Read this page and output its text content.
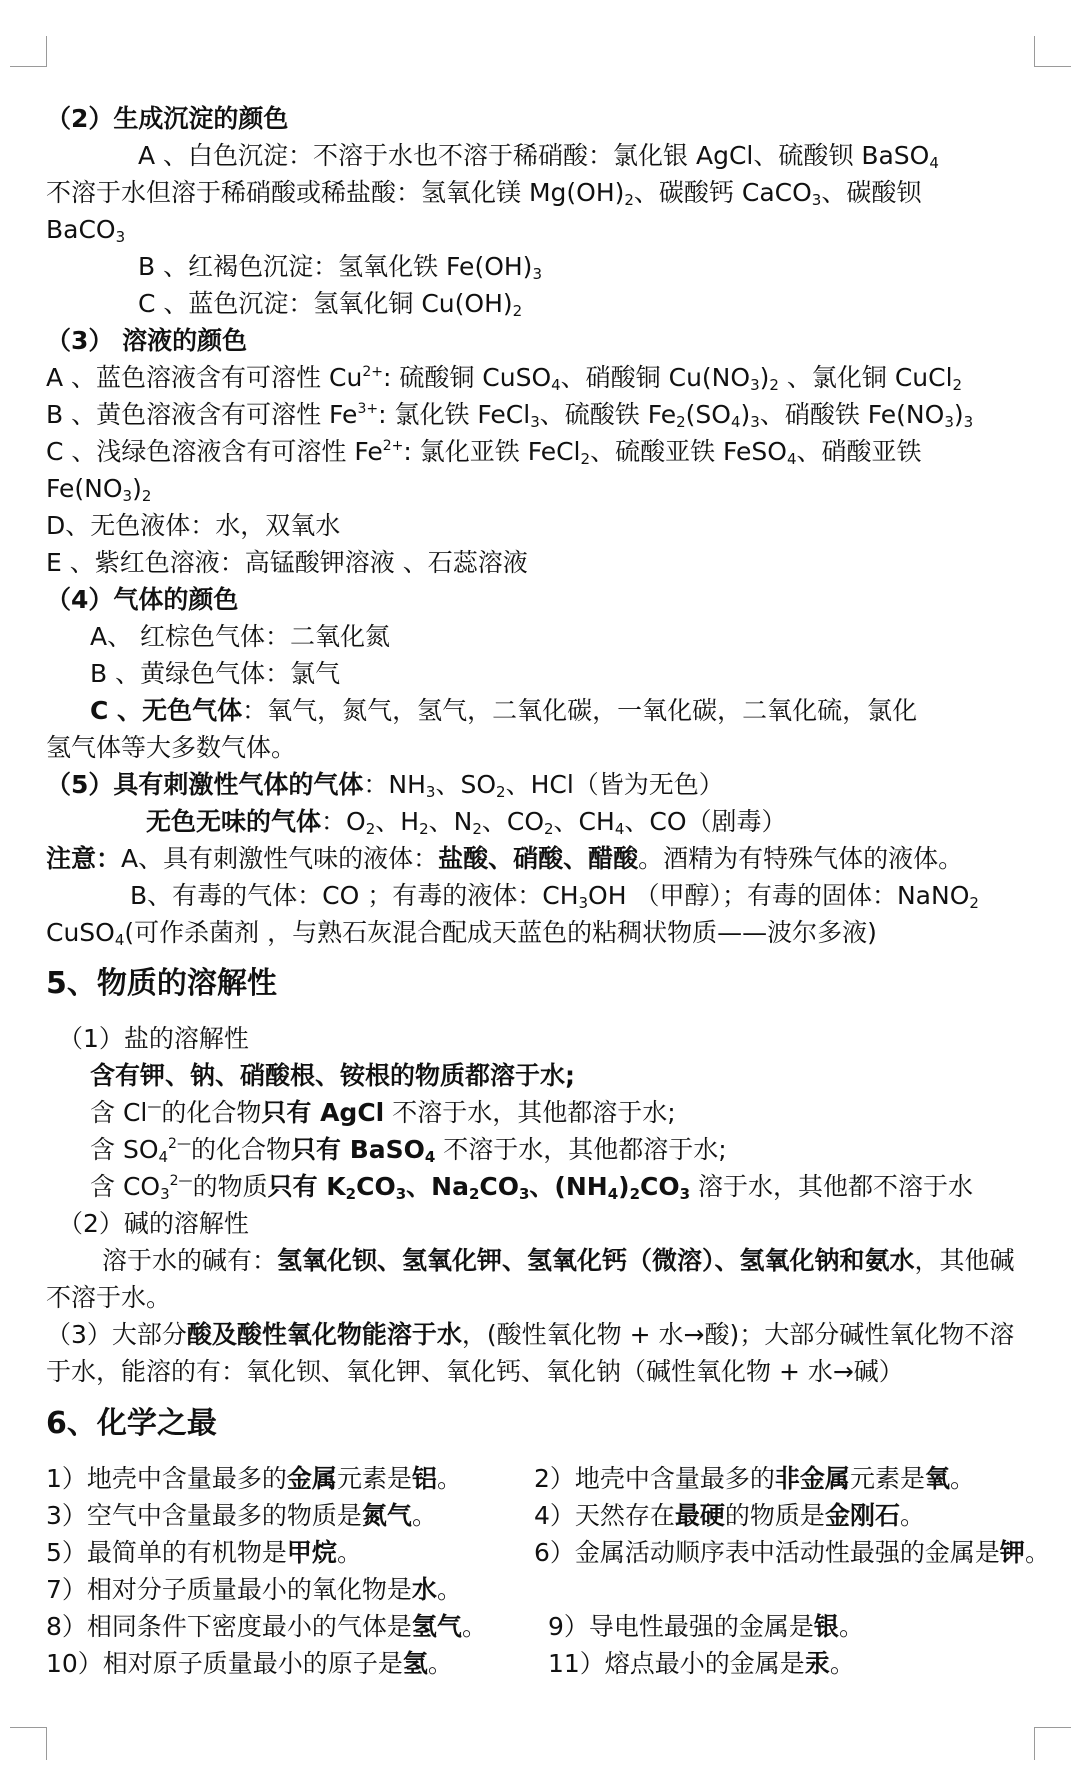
（2）生成沉淀的颜色
A 、白色沉淀：不溶于水也不溶于稀硝酸：氯化银 AgCl、硫酸钡 BaSO$_4$
不溶于水但溶于稀硝酸或稀盐酸：氢氧化镁 $Mg(OH)_2$、碳酸钙 CaCO$_3$、碳酸钡
BaCO$_3$
B 、红褐色沉淀：氢氧化铁 $Fe(OH)_3$
C 、蓝色沉淀：氢氧化铜 $Cu(OH)_2$
（3） 溶液的颜色
A 、蓝色溶液含有可溶性 $Cu^{2+}$: 硫酸铜 CuSO$_4$、硝酸铜 $Cu(NO_3)_2$ 、氯化铜 CuCl$_2$
B 、黄色溶液含有可溶性 $Fe^{3+}$: 氯化铁 FeCl$_3$、硫酸铁 $Fe_2(SO_4)_3$、硝酸铁 $Fe(NO_3)_3$
C 、浅绿色溶液含有可溶性 $Fe^{2+}$: 氯化亚铁 FeCl$_2$、硫酸亚铁 FeSO$_4$、硝酸亚铁
$Fe(NO_3)_2$
D、无色液体：水，双氧水
E 、紫红色溶液：高锰酸钾溶液 、石蕊溶液
（4）气体的颜色
A、 红棕色气体：二氧化氮
B 、黄绿色气体：氯气
C 、无色气体：氧气，氮气，氢气，二氧化碳，一氧化碳，二氧化硫，氯化
氢气体等大多数气体。
（5）具有刺激性气体的气体：$NH_3$、$SO_2$、HCl（皆为无色）
无色无味的气体：$O_2$、$H_2$、$N_2$、$CO_2$、$CH_4$、CO（剧毒）
注意：A、具有刺激性气味的液体：盐酸、硝酸、醋酸。酒精为有特殊气体的液体。
B、有毒的气体：CO ；有毒的液体：$CH_3OH$ （甲醇）；有毒的固体：NaNO$_2$
CuSO$_4$(可作杀菌剂 ，与熟石灰混合配成天蓝色的粘稠状物质——波尔多液)
5、物质的溶解性
（1）盐的溶解性
含有钾、钠、硝酸根、铵根的物质都溶于水;
含 Cl—的化合物只有 AgCl 不溶于水，其他都溶于水;
含 $SO_4^{2—}$的化合物只有 BaSO$_4$ 不溶于水，其他都溶于水;
含 $CO_3^{2—}$的物质只有 $K_2CO_3$、$Na_2CO_3$、$(NH_4)_2CO_3$ 溶于水，其他都不溶于水
（2）碱的溶解性
溶于水的碱有：氢氧化钡、氢氧化钾、氢氧化钙（微溶）、氢氧化钠和氨水，其他碱
不溶于水。
（3）大部分酸及酸性氧化物能溶于水，(酸性氧化物 + 水→酸)；大部分碱性氧化物不溶
于水，能溶的有：氧化钡、氧化钾、氧化钙、氧化钠（碱性氧化物 + 水→碱）
6、化学之最
1）地壳中含量最多的金属元素是铝。	2）地壳中含量最多的非金属元素是氧。
3）空气中含量最多的物质是氮气。	4）天然存在最硬的物质是金刚石。
5）最简单的有机物是甲烷。	6）金属活动顺序表中活动性最强的金属是钾。
7）相对分子质量最小的氧化物是水。
8）相同条件下密度最小的气体是氢气。 9）导电性最强的金属是银。
10）相对原子质量最小的原子是氢。	11）熔点最小的金属是汞。
